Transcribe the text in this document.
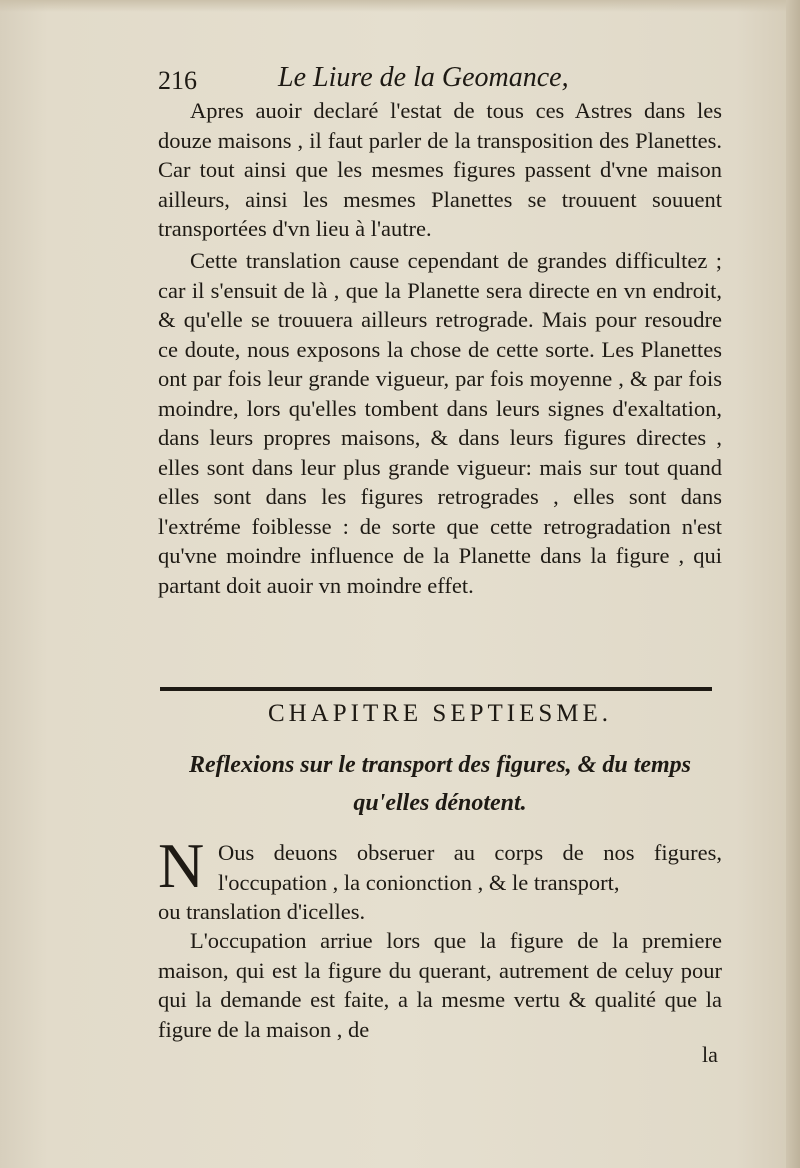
216	Le Liure de la Geomance,

Apres auoir declaré l'estat de tous ces Astres dans les douze maisons , il faut parler de la transposition des Planettes. Car tout ainsi que les mesmes figures passent d'vne maison ailleurs, ainsi les mesmes Planettes se trouuent souuent transportées d'vn lieu à l'autre.

Cette translation cause cependant de grandes difficultez ; car il s'ensuit de là , que la Planette sera directe en vn endroit, & qu'elle se trouuera ailleurs retrograde. Mais pour resoudre ce doute, nous exposons la chose de cette sorte. Les Planettes ont par fois leur grande vigueur, par fois moyenne , & par fois moindre, lors qu'elles tombent dans leurs signes d'exaltation, dans leurs propres maisons, & dans leurs figures directes , elles sont dans leur plus grande vigueur: mais sur tout quand elles sont dans les figures retrogrades , elles sont dans l'extréme foiblesse : de sorte que cette retrogradation n'est qu'vne moindre influence de la Planette dans la figure , qui partant doit auoir vn moindre effet.

CHAPITRE SEPTIESME.
Reflexions sur le transport des figures, & du temps qu'elles dénotent.
N Ous deuons obseruer au corps de nos figures, l'occupation , la conionction , & le transport,

ou translation d'icelles.

L'occupation arriue lors que la figure de la premiere maison, qui est la figure du querant, autrement de celuy pour qui la demande est faite, a la mesme vertu & qualité que la figure de la maison , de

la
